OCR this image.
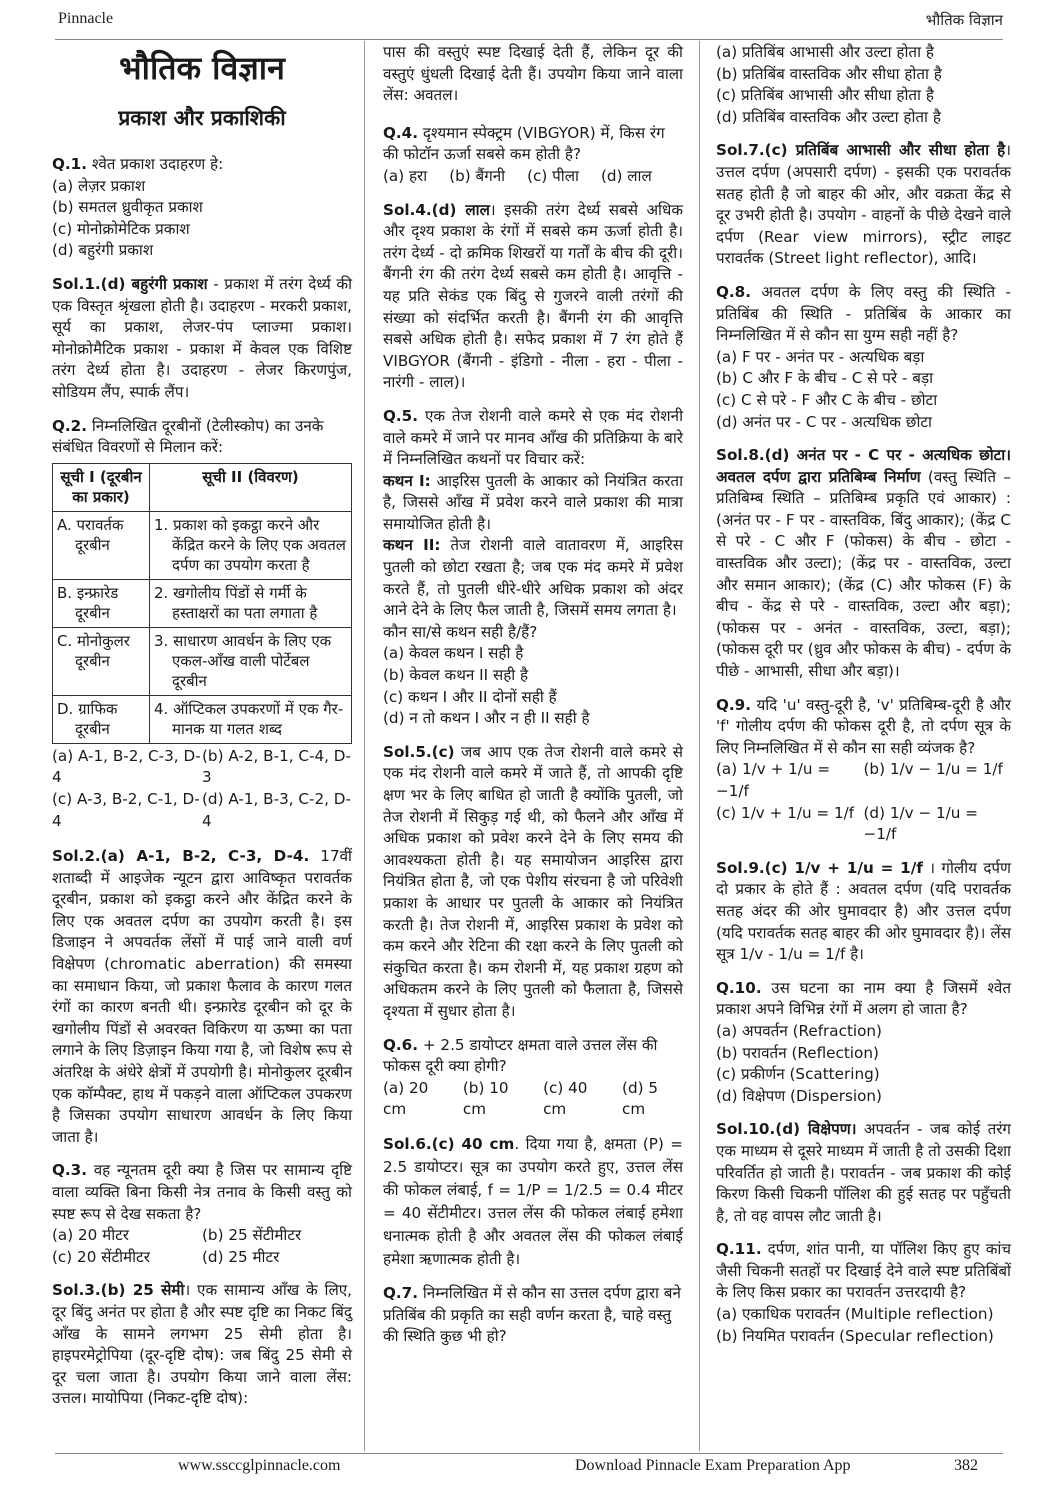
Pinnacle	भौतिक विज्ञान
भौतिक विज्ञान
प्रकाश और प्रकाशिकी
Q.1. श्वेत प्रकाश उदाहरण हे:
(a) लेज़र प्रकाश
(b) समतल ध्रुवीकृत प्रकाश
(c) मोनोक्रोमेटिक प्रकाश
(d) बहुरंगी प्रकाश
Sol.1.(d) बहुरंगी प्रकाश - प्रकाश में तरंग देर्ध्य की एक विस्तृत श्रृंखला होती है। उदाहरण - मरकरी प्रकाश, सूर्य का प्रकाश, लेजर-पंप प्लाज्मा प्रकाश। मोनोक्रोमैटिक प्रकाश - प्रकाश में केवल एक विशिष्ट तरंग देर्ध्य होता है। उदाहरण - लेजर किरणपुंज, सोडियम लैंप, स्पार्क लैंप।
Q.2. निम्नलिखित दूरबीनों (टेलीस्कोप) का उनके संबंधित विवरणों से मिलान करें:
सूची I (दूरबीन का प्रकार)	सूची II (विवरण)

A. परावर्तक दूरबीन	1. प्रकाश को इकट्ठा करने और केंद्रित करने के लिए एक अवतल दर्पण का उपयोग करता है

B. इन्फ्रारेड दूरबीन	2. खगोलीय पिंडों से गर्मी के हस्ताक्षरों का पता लगाता है

C. मोनोकुलर दूरबीन	3. साधारण आवर्धन के लिए एक एकल-आँख वाली पोर्टेबल दूरबीन

D. ग्राफिक दूरबीन	4. ऑप्टिकल उपकरणों में एक गैर-मानक या गलत शब्द
(a) A-1, B-2, C-3, D-4
(b) A-2, B-1, C-4, D-3
(c) A-3, B-2, C-1, D-4
(d) A-1, B-3, C-2, D-4
Sol.2.(a) A-1, B-2, C-3, D-4. 17वीं शताब्दी में आइजेक न्यूटन द्वारा आविष्कृत परावर्तक दूरबीन, प्रकाश को इकट्ठा करने और केंद्रित करने के लिए एक अवतल दर्पण का उपयोग करती है। इस डिजाइन ने अपवर्तक लेंसों में पाई जाने वाली वर्ण विक्षेपण (chromatic aberration) की समस्या का समाधान किया, जो प्रकाश फैलाव के कारण गलत रंगों का कारण बनती थी। इन्फ्रारेड दूरबीन को दूर के खगोलीय पिंडों से अवरक्त विकिरण या ऊष्मा का पता लगाने के लिए डिज़ाइन किया गया है, जो विशेष रूप से अंतरिक्ष के अंधेरे क्षेत्रों में उपयोगी है। मोनोकुलर दूरबीन एक कॉम्पैक्ट, हाथ में पकड़ने वाला ऑप्टिकल उपकरण है जिसका उपयोग साधारण आवर्धन के लिए किया जाता है।
Q.3. वह न्यूनतम दूरी क्या है जिस पर सामान्य दृष्टि वाला व्यक्ति बिना किसी नेत्र तनाव के किसी वस्तु को स्पष्ट रूप से देख सकता है?
(a) 20 मीटर	(b) 25 सेंटीमीटर
(c) 20 सेंटीमीटर	(d) 25 मीटर
Sol.3.(b) 25 सेमी। एक सामान्य आँख के लिए, दूर बिंदु अनंत पर होता है और स्पष्ट दृष्टि का निकट बिंदु आँख के सामने लगभग 25 सेमी होता है। हाइपरमेट्रोपिया (दूर-दृष्टि दोष): जब बिंदु 25 सेमी से दूर चला जाता है। उपयोग किया जाने वाला लेंस: उत्तल। मायोपिया (निकट-दृष्टि दोष):
पास की वस्तुएं स्पष्ट दिखाई देती हैं, लेकिन दूर की वस्तुएं धुंधली दिखाई देती हैं। उपयोग किया जाने वाला लेंस: अवतल।
Q.4. दृश्यमान स्पेक्ट्रम (VIBGYOR) में, किस रंग की फोटॉन ऊर्जा सबसे कम होती है?
(a) हरा (b) बैंगनी (c) पीला (d) लाल
Sol.4.(d) लाल। इसकी तरंग देर्ध्य सबसे अधिक और दृश्य प्रकाश के रंगों में सबसे कम ऊर्जा होती है। तरंग देर्ध्य - दो क्रमिक शिखरों या गर्तों के बीच की दूरी। बैंगनी रंग की तरंग देर्ध्य सबसे कम होती है। आवृत्ति - यह प्रति सेकंड एक बिंदु से गुजरने वाली तरंगों की संख्या को संदर्भित करती है। बैंगनी रंग की आवृत्ति सबसे अधिक होती है। सफेद प्रकाश में 7 रंग होते हैं VIBGYOR (बैंगनी - इंडिगो - नीला - हरा - पीला - नारंगी - लाल)।
Q.5. एक तेज रोशनी वाले कमरे से एक मंद रोशनी वाले कमरे में जाने पर मानव आँख की प्रतिक्रिया के बारे में निम्नलिखित कथनों पर विचार करें:
कथन I: आइरिस पुतली के आकार को नियंत्रित करता है, जिससे आँख में प्रवेश करने वाले प्रकाश की मात्रा समायोजित होती है।
कथन II: तेज रोशनी वाले वातावरण में, आइरिस पुतली को छोटा रखता है; जब एक मंद कमरे में प्रवेश करते हैं, तो पुतली धीरे-धीरे अधिक प्रकाश को अंदर आने देने के लिए फैल जाती है, जिसमें समय लगता है।
कौन सा/से कथन सही है/हैं?
(a) केवल कथन I सही है
(b) केवल कथन II सही है
(c) कथन I और II दोनों सही हैं
(d) न तो कथन I और न ही II सही है
Sol.5.(c) जब आप एक तेज रोशनी वाले कमरे से एक मंद रोशनी वाले कमरे में जाते हैं, तो आपकी दृष्टि क्षण भर के लिए बाधित हो जाती है क्योंकि पुतली, जो तेज रोशनी में सिकुड़ गई थी, को फैलने और आँख में अधिक प्रकाश को प्रवेश करने देने के लिए समय की आवश्यकता होती है। यह समायोजन आइरिस द्वारा नियंत्रित होता है, जो एक पेशीय संरचना है जो परिवेशी प्रकाश के आधार पर पुतली के आकार को नियंत्रित करती है। तेज रोशनी में, आइरिस प्रकाश के प्रवेश को कम करने और रेटिना की रक्षा करने के लिए पुतली को संकुचित करता है। कम रोशनी में, यह प्रकाश ग्रहण को अधिकतम करने के लिए पुतली को फैलाता है, जिससे दृश्यता में सुधार होता है।
Q.6. + 2.5 डायोप्टर क्षमता वाले उत्तल लेंस की फोकस दूरी क्या होगी?
(a) 20 cm
(b) 10 cm
(c) 40 cm
(d) 5 cm
Sol.6.(c) 40 cm. दिया गया है, क्षमता (P) = 2.5 डायोप्टर। सूत्र का उपयोग करते हुए, उत्तल लेंस की फोकल लंबाई, f = 1/P = 1/2.5 = 0.4 मीटर = 40 सेंटीमीटर। उत्तल लेंस की फोकल लंबाई हमेशा धनात्मक होती है और अवतल लेंस की फोकल लंबाई हमेशा ऋणात्मक होती है।
Q.7. निम्नलिखित में से कौन सा उत्तल दर्पण द्वारा बने प्रतिबिंब की प्रकृति का सही वर्णन करता है, चाहे वस्तु की स्थिति कुछ भी हो?
(a) प्रतिबिंब आभासी और उल्टा होता है
(b) प्रतिबिंब वास्तविक और सीधा होता है
(c) प्रतिबिंब आभासी और सीधा होता है
(d) प्रतिबिंब वास्तविक और उल्टा होता है
Sol.7.(c) प्रतिबिंब आभासी और सीधा होता है। उत्तल दर्पण (अपसारी दर्पण) - इसकी एक परावर्तक सतह होती है जो बाहर की ओर, और वक्रता केंद्र से दूर उभरी होती है। उपयोग - वाहनों के पीछे देखने वाले दर्पण (Rear view mirrors), स्ट्रीट लाइट परावर्तक (Street light reflector), आदि।
Q.8. अवतल दर्पण के लिए वस्तु की स्थिति - प्रतिबिंब की स्थिति - प्रतिबिंब के आकार का निम्नलिखित में से कौन सा युग्म सही नहीं है?
(a) F पर - अनंत पर - अत्यधिक बड़ा
(b) C और F के बीच - C से परे - बड़ा
(c) C से परे - F और C के बीच - छोटा
(d) अनंत पर - C पर - अत्यधिक छोटा
Sol.8.(d) अनंत पर - C पर - अत्यधिक छोटा। अवतल दर्पण द्वारा प्रतिबिम्ब निर्माण (वस्तु स्थिति – प्रतिबिम्ब स्थिति – प्रतिबिम्ब प्रकृति एवं आकार) : (अनंत पर - F पर - वास्तविक, बिंदु आकार); (केंद्र C से परे - C और F (फोकस) के बीच - छोटा - वास्तविक और उल्टा); (केंद्र पर - वास्तविक, उल्टा और समान आकार); (केंद्र (C) और फोकस (F) के बीच - केंद्र से परे - वास्तविक, उल्टा और बड़ा); (फोकस पर - अनंत - वास्तविक, उल्टा, बड़ा); (फोकस दूरी पर (ध्रुव और फोकस के बीच) - दर्पण के पीछे - आभासी, सीधा और बड़ा)।
Q.9. यदि 'u' वस्तु-दूरी है, 'v' प्रतिबिम्ब-दूरी है और 'f' गोलीय दर्पण की फोकस दूरी है, तो दर्पण सूत्र के लिए निम्नलिखित में से कौन सा सही व्यंजक है?
(a) 1/v + 1/u = −1/f
(b) 1/v − 1/u = 1/f
(c) 1/v + 1/u = 1/f (d) 1/v − 1/u = −1/f
Sol.9.(c) 1/v + 1/u = 1/f । गोलीय दर्पण दो प्रकार के होते हैं : अवतल दर्पण (यदि परावर्तक सतह अंदर की ओर घुमावदार है) और उत्तल दर्पण (यदि परावर्तक सतह बाहर की ओर घुमावदार है)। लेंस सूत्र 1/v - 1/u = 1/f है।
Q.10. उस घटना का नाम क्या है जिसमें श्वेत प्रकाश अपने विभिन्न रंगों में अलग हो जाता है?
(a) अपवर्तन (Refraction)
(b) परावर्तन (Reflection)
(c) प्रकीर्णन (Scattering)
(d) विक्षेपण (Dispersion)
Sol.10.(d) विक्षेपण। अपवर्तन - जब कोई तरंग एक माध्यम से दूसरे माध्यम में जाती है तो उसकी दिशा परिवर्तित हो जाती है। परावर्तन - जब प्रकाश की कोई किरण किसी चिकनी पॉलिश की हुई सतह पर पहुँचती है, तो वह वापस लौट जाती है।
Q.11. दर्पण, शांत पानी, या पॉलिश किए हुए कांच जैसी चिकनी सतहों पर दिखाई देने वाले स्पष्ट प्रतिबिंबों के लिए किस प्रकार का परावर्तन उत्तरदायी है?
(a) एकाधिक परावर्तन (Multiple reflection)
(b) नियमित परावर्तन (Specular reflection)
www.ssccglpinnacle.com	Download Pinnacle Exam Preparation App	382
